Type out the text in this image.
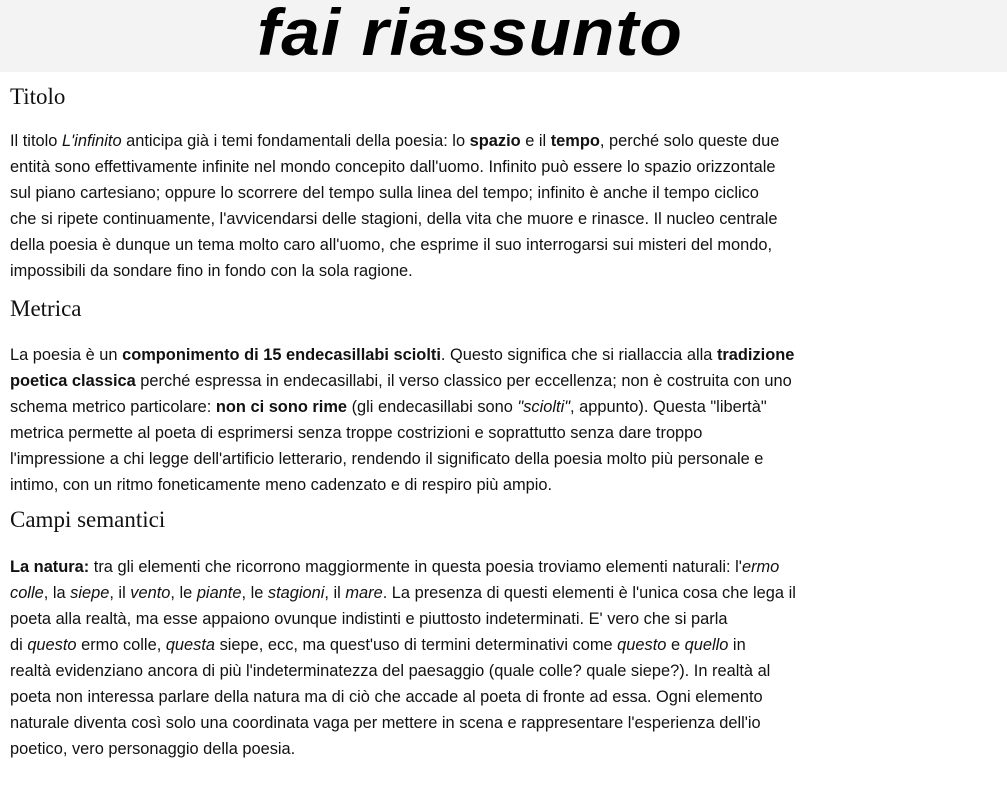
fai riassunto
Titolo
Il titolo L'infinito anticipa già i temi fondamentali della poesia: lo spazio e il tempo, perché solo queste due
entità sono effettivamente infinite nel mondo concepito dall'uomo. Infinito può essere lo spazio orizzontale
sul piano cartesiano; oppure lo scorrere del tempo sulla linea del tempo; infinito è anche il tempo ciclico
che si ripete continuamente, l'avvicendarsi delle stagioni, della vita che muore e rinasce. Il nucleo centrale
della poesia è dunque un tema molto caro all'uomo, che esprime il suo interrogarsi sui misteri del mondo,
impossibili da sondare fino in fondo con la sola ragione.
Metrica
La poesia è un componimento di 15 endecasillabi sciolti. Questo significa che si riallaccia alla tradizione
poetica classica perché espressa in endecasillabi, il verso classico per eccellenza; non è costruita con uno
schema metrico particolare: non ci sono rime (gli endecasillabi sono "sciolti", appunto). Questa "libertà"
metrica permette al poeta di esprimersi senza troppe costrizioni e soprattutto senza dare troppo
l'impressione a chi legge dell'artificio letterario, rendendo il significato della poesia molto più personale e
intimo, con un ritmo foneticamente meno cadenzato e di respiro più ampio.
Campi semantici
La natura: tra gli elementi che ricorrono maggiormente in questa poesia troviamo elementi naturali: l'ermo
colle, la siepe, il vento, le piante, le stagioni, il mare. La presenza di questi elementi è l'unica cosa che lega il
poeta alla realtà, ma esse appaiono ovunque indistinti e piuttosto indeterminati. E' vero che si parla
di questo ermo colle, questa siepe, ecc, ma quest'uso di termini determinativi come questo e quello in
realtà evidenziano ancora di più l'indeterminatezza del paesaggio (quale colle? quale siepe?). In realtà al
poeta non interessa parlare della natura ma di ciò che accade al poeta di fronte ad essa. Ogni elemento
naturale diventa così solo una coordinata vaga per mettere in scena e rappresentare l'esperienza dell'io
poetico, vero personaggio della poesia.
